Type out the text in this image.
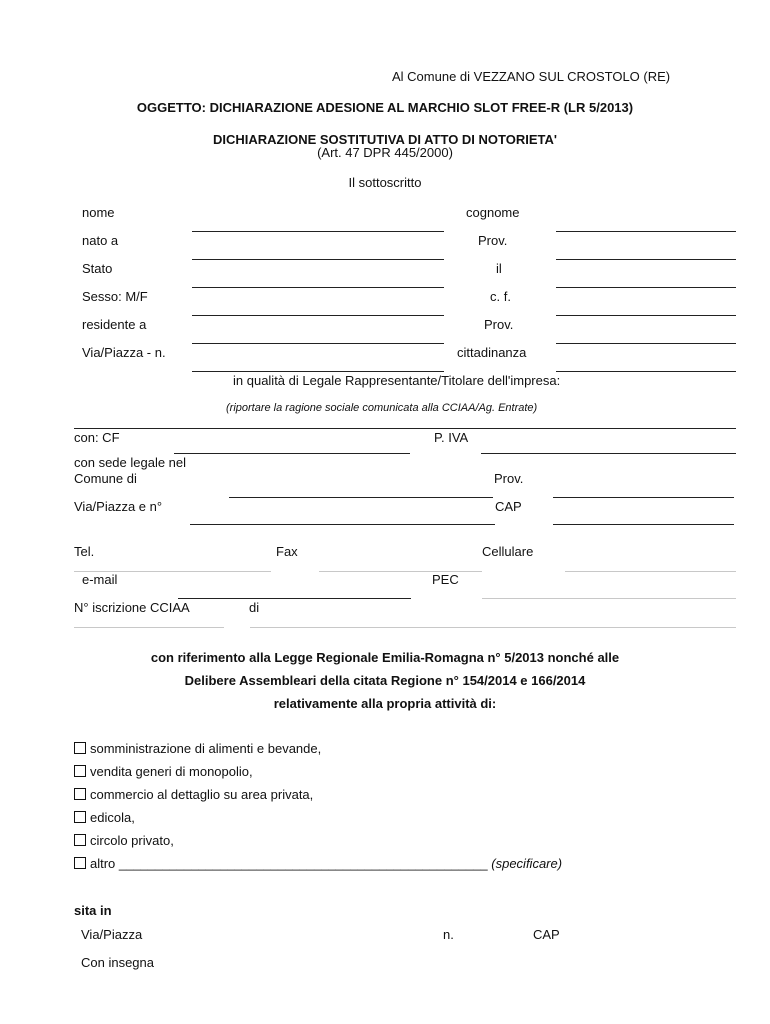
Al Comune di VEZZANO SUL CROSTOLO (RE)
OGGETTO: DICHIARAZIONE ADESIONE AL MARCHIO SLOT FREE-R (LR 5/2013)
DICHIARAZIONE SOSTITUTIVA DI ATTO DI NOTORIETA'
(Art. 47 DPR 445/2000)
Il sottoscritto
nome	cognome
nato a	Prov.
Stato	il
Sesso: M/F	c. f.
residente a	Prov.
Via/Piazza - n.	cittadinanza
in qualità di Legale Rappresentante/Titolare dell'impresa:
(riportare la ragione sociale comunicata alla CCIAA/Ag. Entrate)
con: CF	P. IVA
con sede legale nel
Comune di	Prov.
Via/Piazza e n°	CAP
Tel.	Fax	Cellulare
e-mail	PEC
N° iscrizione CCIAA	di
con riferimento alla Legge Regionale Emilia-Romagna n° 5/2013 nonché alle
Delibere Assembleari della citata Regione n° 154/2014 e 166/2014
relativamente alla propria attività di:
somministrazione di alimenti e bevande,
vendita generi di monopolio,
commercio al dettaglio su area privata,
edicola,
circolo privato,
altro ___________________________________________________ (specificare)
sita in
Via/Piazza	n.	CAP
Con insegna
